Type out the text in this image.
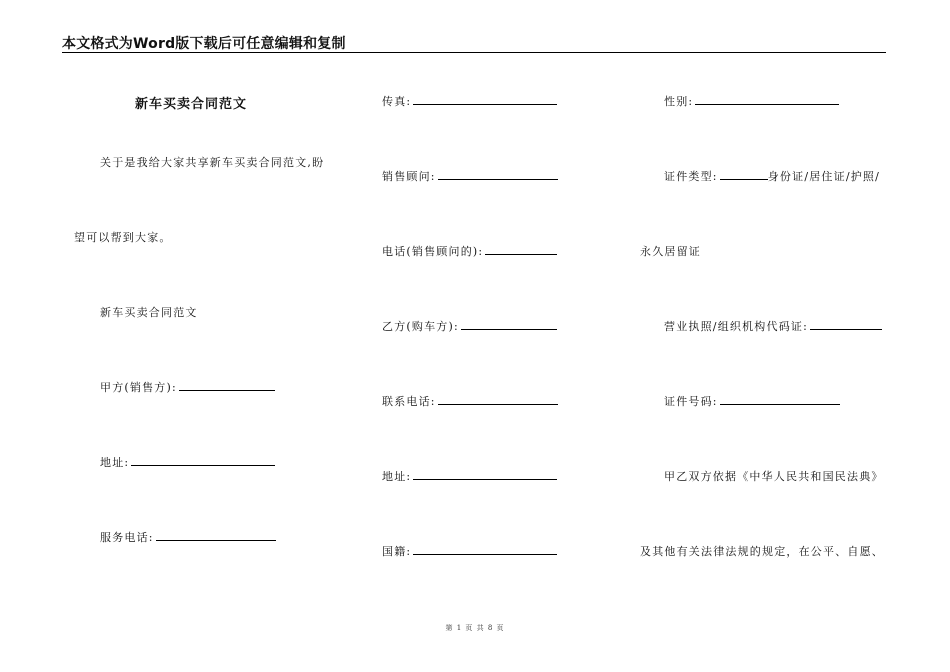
本文格式为Word版下载后可任意编辑和复制
新车买卖合同范文
关于是我给大家共享新车买卖合同范文,盼
望可以帮到大家。
新车买卖合同范文
甲方(销售方):
地址:
服务电话:
传真:
销售顾问:
电话(销售顾问的):
乙方(购车方):
联系电话:
地址:
国籍:
性别:
证件类型:	身份证/居住证/护照/
永久居留证
营业执照/组织机构代码证:
证件号码:
甲乙双方依据《中华人民共和国民法典》
及其他有关法律法规的规定，在公平、自愿、
第 1 页 共 8 页
